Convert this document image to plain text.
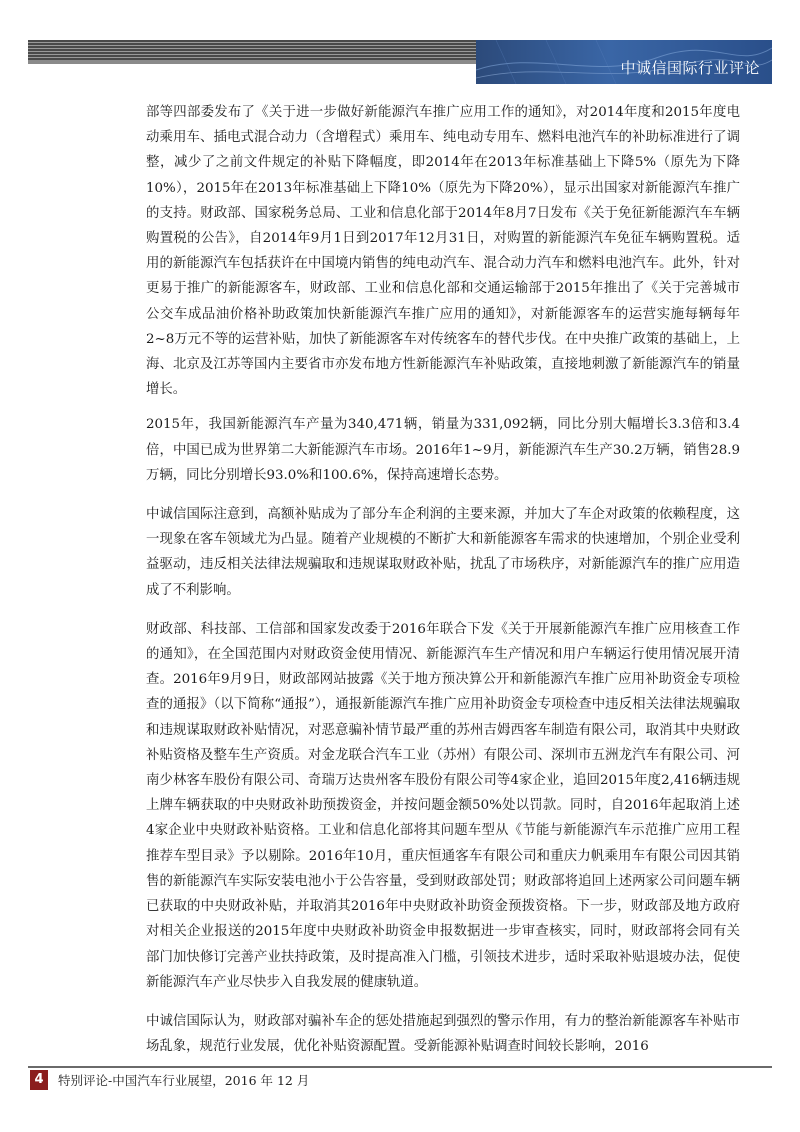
中诚信国际行业评论

部等四部委发布了《关于进一步做好新能源汽车推广应用工作的通知》，对2014年度和2015年度电动乘用车、插电式混合动力（含增程式）乘用车、纯电动专用车、燃料电池汽车的补助标准进行了调整，减少了之前文件规定的补贴下降幅度，即2014年在2013年标准基础上下降5%（原先为下降10%），2015年在2013年标准基础上下降10%（原先为下降20%），显示出国家对新能源汽车推广的支持。财政部、国家税务总局、工业和信息化部于2014年8月7日发布《关于免征新能源汽车车辆购置税的公告》，自2014年9月1日到2017年12月31日，对购置的新能源汽车免征车辆购置税。适用的新能源汽车包括获许在中国境内销售的纯电动汽车、混合动力汽车和燃料电池汽车。此外，针对更易于推广的新能源客车，财政部、工业和信息化部和交通运输部于2015年推出了《关于完善城市公交车成品油价格补助政策加快新能源汽车推广应用的通知》，对新能源客车的运营实施每辆每年2~8万元不等的运营补贴，加快了新能源客车对传统客车的替代步伐。在中央推广政策的基础上，上海、北京及江苏等国内主要省市亦发布地方性新能源汽车补贴政策，直接地刺激了新能源汽车的销量增长。

2015年，我国新能源汽车产量为340,471辆，销量为331,092辆，同比分别大幅增长3.3倍和3.4倍，中国已成为世界第二大新能源汽车市场。2016年1~9月，新能源汽车生产30.2万辆，销售28.9万辆，同比分别增长93.0%和100.6%，保持高速增长态势。

中诚信国际注意到，高额补贴成为了部分车企利润的主要来源，并加大了车企对政策的依赖程度，这一现象在客车领域尤为凸显。随着产业规模的不断扩大和新能源客车需求的快速增加，个别企业受利益驱动，违反相关法律法规骗取和违规谋取财政补贴，扰乱了市场秩序，对新能源汽车的推广应用造成了不利影响。

财政部、科技部、工信部和国家发改委于2016年联合下发《关于开展新能源汽车推广应用核查工作的通知》，在全国范围内对财政资金使用情况、新能源汽车生产情况和用户车辆运行使用情况展开清查。2016年9月9日，财政部网站披露《关于地方预决算公开和新能源汽车推广应用补助资金专项检查的通报》（以下简称“通报”），通报新能源汽车推广应用补助资金专项检查中违反相关法律法规骗取和违规谋取财政补贴情况，对恶意骗补情节最严重的苏州吉姆西客车制造有限公司，取消其中央财政补贴资格及整车生产资质。对金龙联合汽车工业（苏州）有限公司、深圳市五洲龙汽车有限公司、河南少林客车股份有限公司、奇瑞万达贵州客车股份有限公司等4家企业，追回2015年度2,416辆违规上牌车辆获取的中央财政补助预拨资金，并按问题金额50%处以罚款。同时，自2016年起取消上述4家企业中央财政补贴资格。工业和信息化部将其问题车型从《节能与新能源汽车示范推广应用工程推荐车型目录》予以剔除。2016年10月，重庆恒通客车有限公司和重庆力帆乘用车有限公司因其销售的新能源汽车实际安装电池小于公告容量，受到财政部处罚；财政部将追回上述两家公司问题车辆已获取的中央财政补贴，并取消其2016年中央财政补助资金预拨资格。下一步，财政部及地方政府对相关企业报送的2015年度中央财政补助资金申报数据进一步审查核实，同时，财政部将会同有关部门加快修订完善产业扶持政策，及时提高准入门槛，引领技术进步，适时采取补贴退坡办法，促使新能源汽车产业尽快步入自我发展的健康轨道。

中诚信国际认为，财政部对骗补车企的惩处措施起到强烈的警示作用，有力的整治新能源客车补贴市场乱象，规范行业发展，优化补贴资源配置。受新能源补贴调查时间较长影响，2016

4	特别评论-中国汽车行业展望，2016 年 12 月
